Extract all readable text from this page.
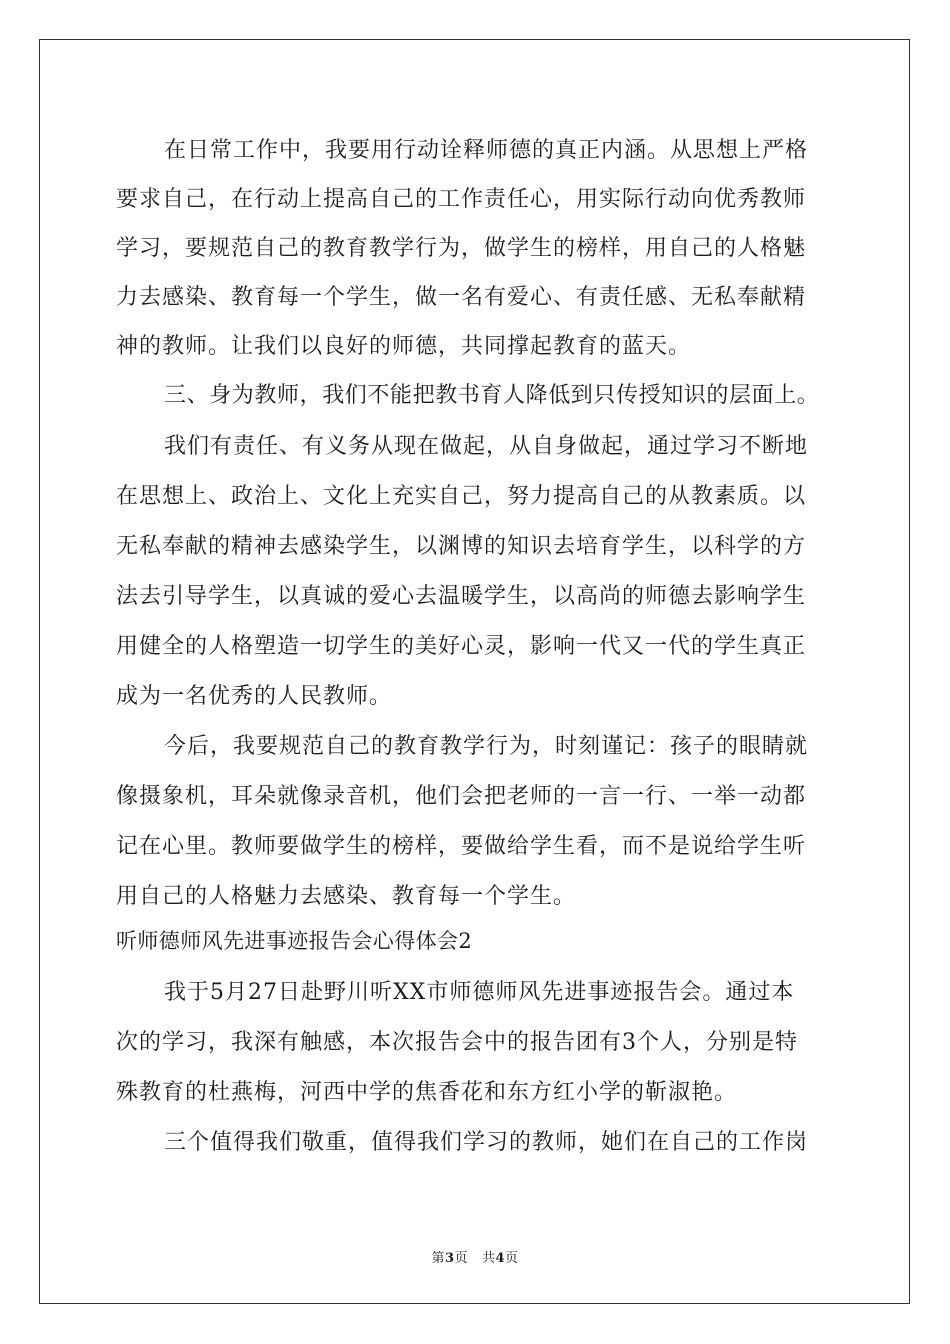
在日常工作中，我要用行动诠释师德的真正内涵。从思想上严格
要求自己，在行动上提高自己的工作责任心，用实际行动向优秀教师
学习，要规范自己的教育教学行为，做学生的榜样，用自己的人格魅
力去感染、教育每一个学生，做一名有爱心、有责任感、无私奉献精
神的教师。让我们以良好的师德，共同撑起教育的蓝天。
三、身为教师，我们不能把教书育人降低到只传授知识的层面上。
我们有责任、有义务从现在做起，从自身做起，通过学习不断地
在思想上、政治上、文化上充实自己，努力提高自己的从教素质。以
无私奉献的精神去感染学生，以渊博的知识去培育学生，以科学的方
法去引导学生，以真诚的爱心去温暖学生，以高尚的师德去影响学生
用健全的人格塑造一切学生的美好心灵，影响一代又一代的学生真正
成为一名优秀的人民教师。
今后，我要规范自己的教育教学行为，时刻谨记：孩子的眼睛就
像摄象机，耳朵就像录音机，他们会把老师的一言一行、一举一动都
记在心里。教师要做学生的榜样，要做给学生看，而不是说给学生听
用自己的人格魅力去感染、教育每一个学生。
听师德师风先进事迹报告会心得体会2
我于5月27日赴野川听XX市师德师风先进事迹报告会。通过本
次的学习，我深有触感，本次报告会中的报告团有3个人，分别是特
殊教育的杜燕梅，河西中学的焦香花和东方红小学的靳淑艳。
三个值得我们敬重，值得我们学习的教师，她们在自己的工作岗
第3页 共4页
